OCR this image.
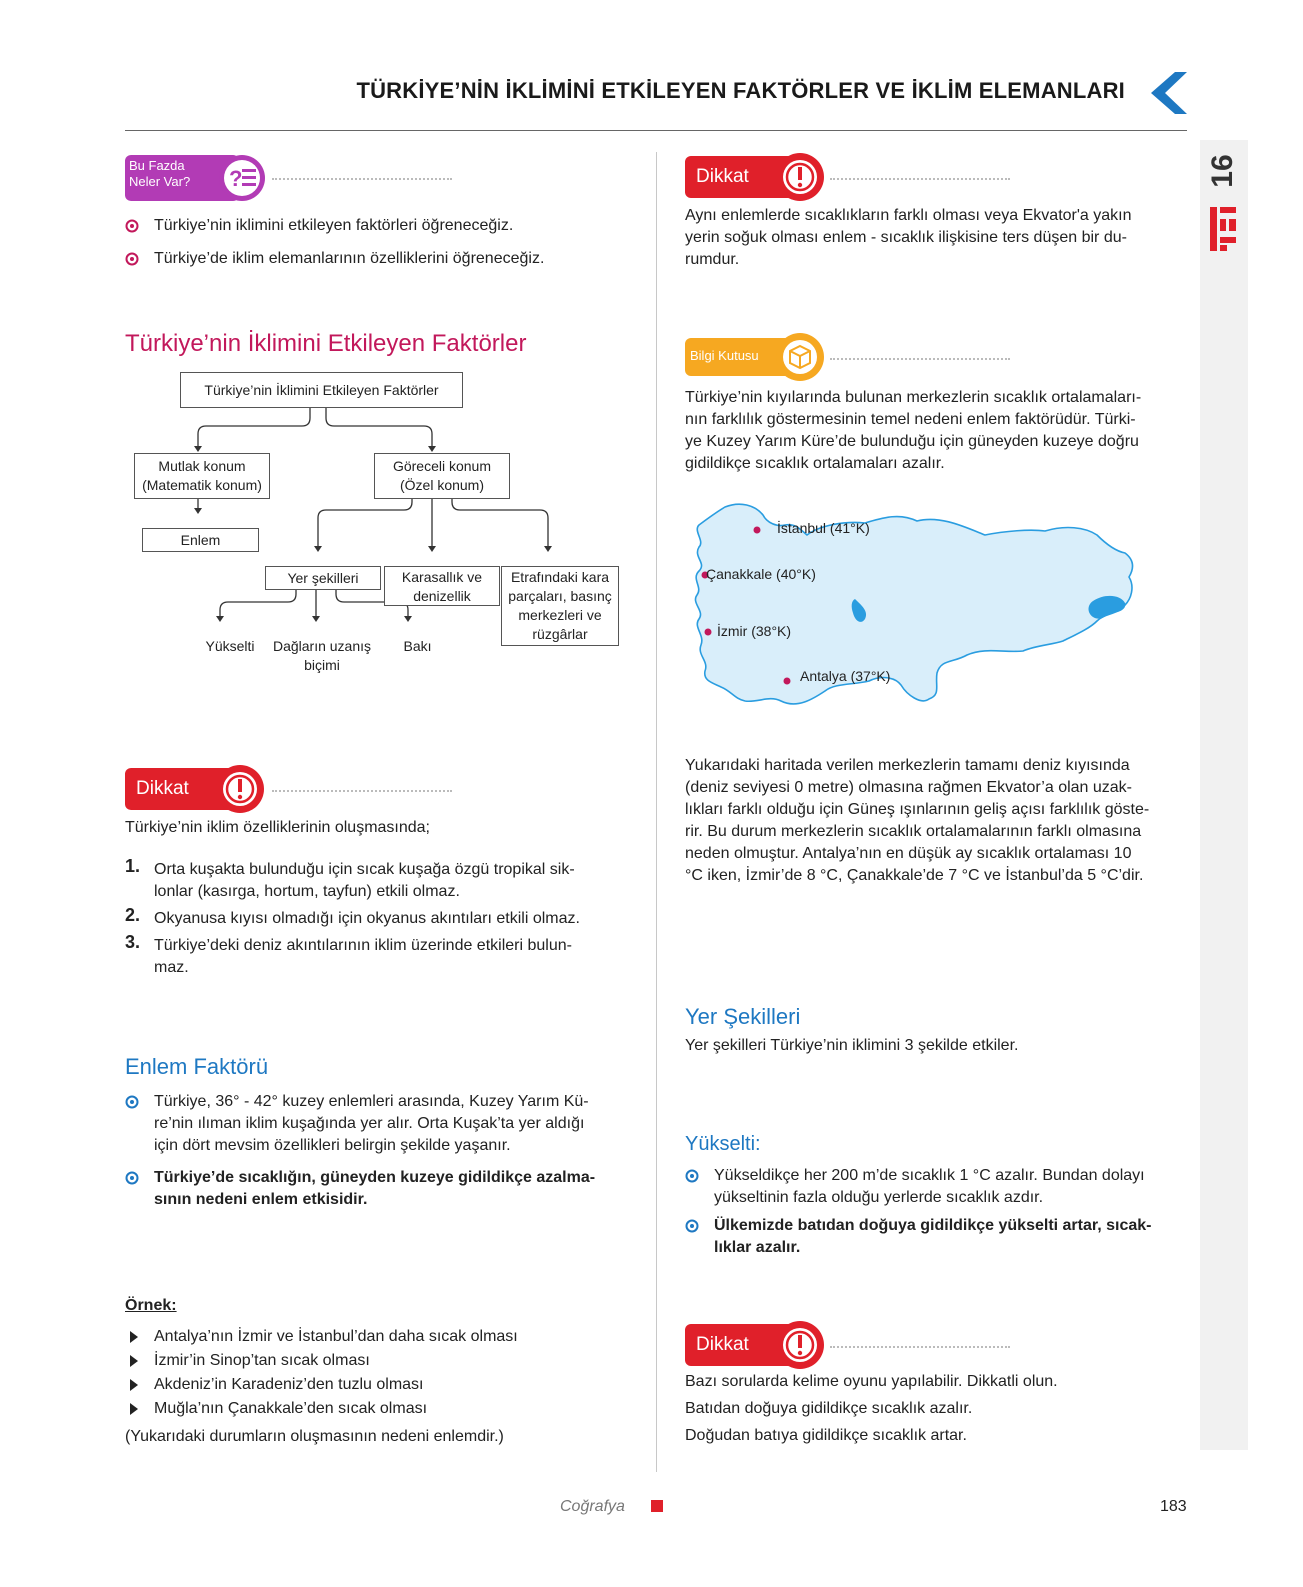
TÜRKİYE’NİN İKLİMİNİ ETKİLEYEN FAKTÖRLER VE İKLİM ELEMANLARI
16
Bu Fazda
Neler Var?	?
Türkiye’nin iklimini etkileyen faktörleri öğreneceğiz.
Türkiye’de iklim elemanlarının özelliklerini öğreneceğiz.
Türkiye’nin İklimini Etkileyen Faktörler
Türkiye’nin İklimini Etkileyen Faktörler
Mutlak konum
(Matematik konum)
Göreceli konum
(Özel konum)
Enlem
Yer şekilleri	Karasallık ve
denizellik
Etrafındaki kara
parçaları, basınç
merkezleri ve
rüzgârlar
Yükselti	Dağların uzanış
biçimi
Bakı
Dikkat
Türkiye’nin iklim özelliklerinin oluşmasında;
1. Orta kuşakta bulunduğu için sıcak kuşağa özgü tropikal sik-
lonlar (kasırga, hortum, tayfun) etkili olmaz.
2. Okyanusa kıyısı olmadığı için okyanus akıntıları etkili olmaz.
3. Türkiye’deki deniz akıntılarının iklim üzerinde etkileri bulun-
maz.
Enlem Faktörü
Türkiye, 36° - 42° kuzey enlemleri arasında, Kuzey Yarım Kü-
re’nin ılıman iklim kuşağında yer alır. Orta Kuşak’ta yer aldığı
için dört mevsim özellikleri belirgin şekilde yaşanır.
Türkiye’de sıcaklığın, güneyden kuzeye gidildikçe azalma-
sının nedeni enlem etkisidir.
Örnek:
Antalya’nın İzmir ve İstanbul’dan daha sıcak olması
İzmir’in Sinop’tan sıcak olması
Akdeniz’in Karadeniz’den tuzlu olması
Muğla’nın Çanakkale’den sıcak olması
(Yukarıdaki durumların oluşmasının nedeni enlemdir.)
Dikkat
Aynı enlemlerde sıcaklıkların farklı olması veya Ekvator'a yakın
yerin soğuk olması enlem - sıcaklık ilişkisine ters düşen bir du-
rumdur.
Bilgi Kutusu
Türkiye’nin kıyılarında bulunan merkezlerin sıcaklık ortalamaları-
nın farklılık göstermesinin temel nedeni enlem faktörüdür. Türki-
ye Kuzey Yarım Küre’de bulunduğu için güneyden kuzeye doğru
gidildikçe sıcaklık ortalamaları azalır.
İstanbul (41°K)
Çanakkale (40°K)
İzmir (38°K)
Antalya (37°K)
Yukarıdaki haritada verilen merkezlerin tamamı deniz kıyısında
(deniz seviyesi 0 metre) olmasına rağmen Ekvator’a olan uzak-
lıkları farklı olduğu için Güneş ışınlarının geliş açısı farklılık göste-
rir. Bu durum merkezlerin sıcaklık ortalamalarının farklı olmasına
neden olmuştur. Antalya’nın en düşük ay sıcaklık ortalaması 10
°C iken, İzmir’de 8 °C, Çanakkale’de 7 °C ve İstanbul’da 5 °C’dir.
Yer Şekilleri
Yer şekilleri Türkiye’nin iklimini 3 şekilde etkiler.
Yükselti:
Yükseldikçe her 200 m’de sıcaklık 1 °C azalır. Bundan dolayı
yükseltinin fazla olduğu yerlerde sıcaklık azdır.
Ülkemizde batıdan doğuya gidildikçe yükselti artar, sıcak-
lıklar azalır.
Dikkat
Bazı sorularda kelime oyunu yapılabilir. Dikkatli olun.
Batıdan doğuya gidildikçe sıcaklık azalır.
Doğudan batıya gidildikçe sıcaklık artar.
Coğrafya	183
